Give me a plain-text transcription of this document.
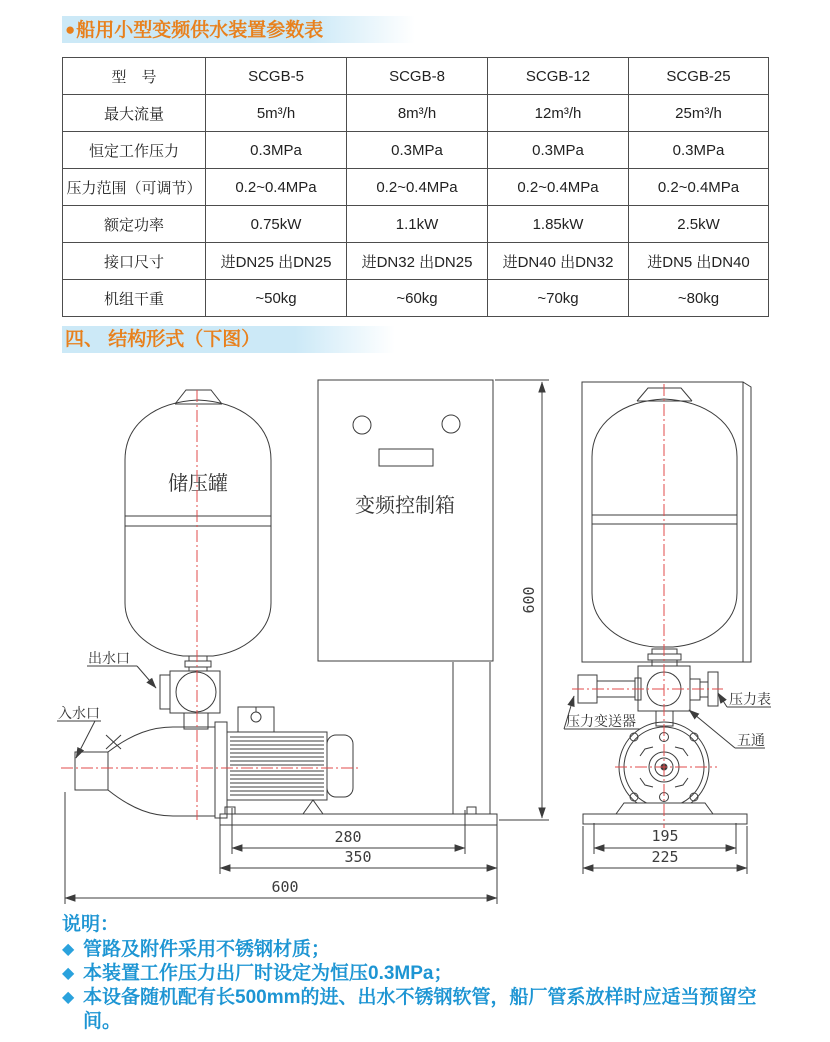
●船用小型变频供水装置参数表
型　号	SCGB-5	SCGB-8	SCGB-12	SCGB-25
最大流量	5m³/h	8m³/h	12m³/h	25m³/h
恒定工作压力	0.3MPa	0.3MPa	0.3MPa	0.3MPa
压力范围（可调节）	0.2~0.4MPa	0.2~0.4MPa	0.2~0.4MPa	0.2~0.4MPa
额定功率	0.75kW	1.1kW	1.85kW	2.5kW
接口尺寸	进DN25 出DN25	进DN32 出DN25	进DN40 出DN32	进DN5 出DN40
机组干重	~50kg	~60kg	~70kg	~80kg
四、 结构形式（下图）
储压罐
出水口
入水口
变频控制箱
压力变送器
压力表
五通
280
350
600
600
195
225
说明：
◆ 管路及附件采用不锈钢材质；
◆ 本装置工作压力出厂时设定为恒压0.3MPa；
◆ 本设备随机配有长500mm的进、出水不锈钢软管，船厂管系放样时应适当预留空间。
